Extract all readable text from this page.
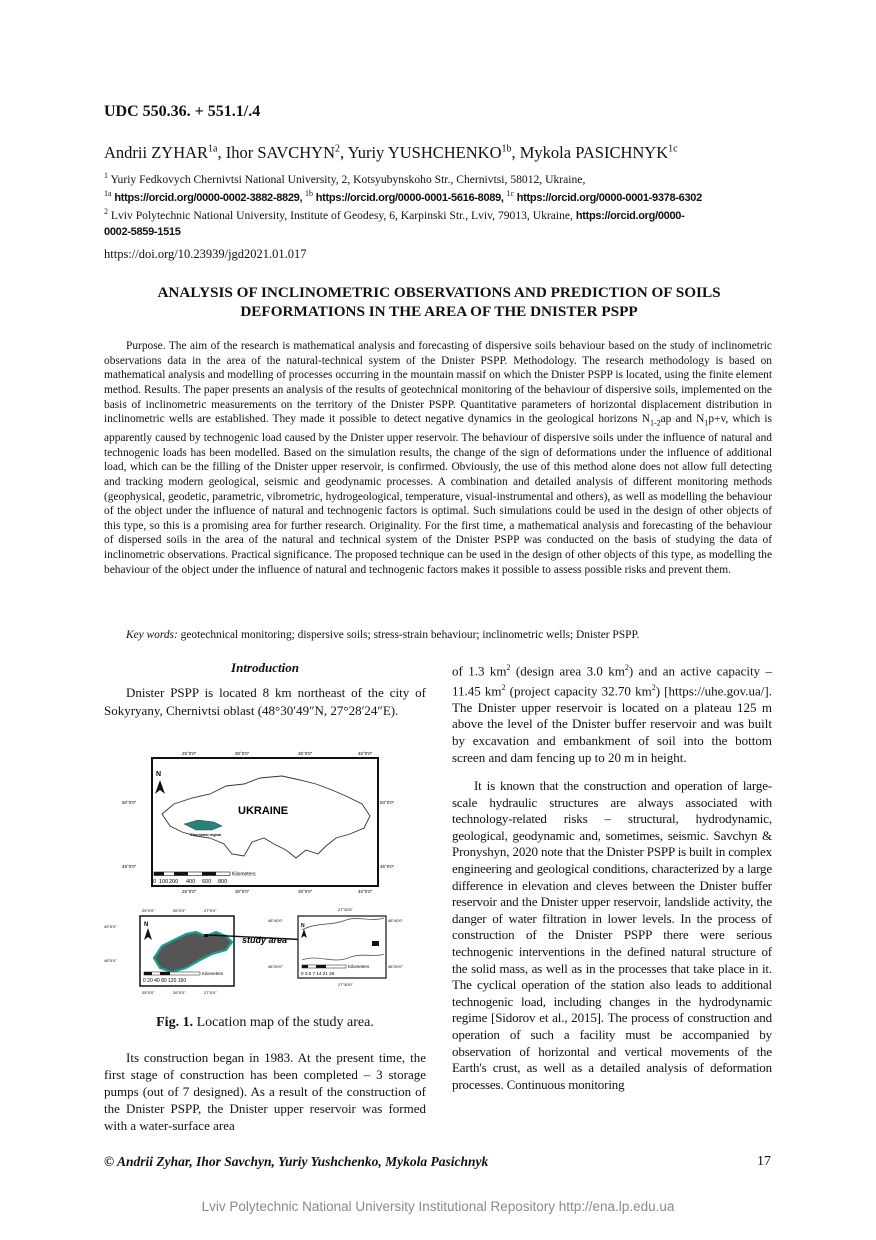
UDC 550.36. + 551.1/.4
Andrii $ZYHAR^{1a}$, Ihor SAVCHYN$^2$, Yuriy $YUSHCHENKO^{1b}$, Mykola $PASICHNYK^{1c}$
$^1$ Yuriy Fedkovych Chernivtsi National University, 2, Kotsyubynskoho Str., Chernivtsi, 58012, Ukraine,
$^{1a}$ https://orcid.org/0000-0002-3882-8829, $^{1b}$ https://orcid.org/0000-0001-5616-8089, $^{1c}$ https://orcid.org/0000-0001-9378-6302
$^2$ Lviv Polytechnic National University, Institute of Geodesy, 6, Karpinski Str., Lviv, 79013, Ukraine, https://orcid.org/0000-
0002-5859-1515
https://doi.org/10.23939/jgd2021.01.017
ANALYSIS OF INCLINOMETRIC OBSERVATIONS AND PREDICTION OF SOILS
DEFORMATIONS IN THE AREA OF THE DNISTER PSPP
Purpose. The aim of the research is mathematical analysis and forecasting of dispersive soils behaviour based on the study of inclinometric observations data in the area of the natural-technical system of the Dnister PSPP. Methodology. The research methodology is based on mathematical analysis and modelling of processes occurring in the mountain massif on which the Dnister PSPP is located, using the finite element method. Results. The paper presents an analysis of the results of geotechnical monitoring of the behaviour of dispersive soils, implemented on the basis of inclinometric measurements on the territory of the Dnister PSPP. Quantitative parameters of horizontal displacement distribution in inclinometric wells are established. They made it possible to detect negative dynamics in the geological horizons $N_{1-2}ap$ and $N_1p+v$, which is apparently caused by technogenic load caused by the Dnister upper reservoir. The behaviour of dispersive soils under the influence of natural and technogenic loads has been modelled. Based on the simulation results, the change of the sign of deformations under the influence of additional load, which can be the filling of the Dnister upper reservoir, is confirmed. Obviously, the use of this method alone does not allow full detecting and tracking modern geological, seismic and geodynamic processes. A combination and detailed analysis of different monitoring methods (geophysical, geodetic, parametric, vibrometric, hydrogeological, temperature, visual-instrumental and others), as well as modelling the behaviour of the object under the influence of natural and technogenic factors is optimal. Such simulations could be used in the design of other objects of this type, so this is a promising area for further research. Originality. For the first time, a mathematical analysis and forecasting of the behaviour of dispersed soils in the area of the natural and technical system of the Dnister PSPP was conducted on the basis of studying the data of inclinometric observations. Practical significance. The proposed technique can be used in the design of other objects of this type, as modelling the behaviour of the object under the influence of natural and technogenic factors makes it possible to assess possible risks and prevent them.
Key words: geotechnical monitoring; dispersive soils; stress-strain behaviour; inclinometric wells; Dnister PSPP.
Introduction
Dnister PSPP is located 8 km northeast of the city of Sokyryany, Chernivtsi oblast (48°30′49″N, 27°28′24″E).
25°0'0"	30°0'0"	35°0'0"	40°0'0"
25°0'0"	30°0'0"	35°0'0"	40°0'0"
50°0'0"
45°0'0"
50°0'0"
45°0'0"
Chernivtsi region
UKRAINE
N
Kilometers
0 100 200 400 600 800
25°0'0"	26°0'0"	27°0'0"
25°0'0"	26°0'0"	27°0'0"
49°0'0"
48°0'0"
N
Kilometers
0 20 40 80 120 160
study area
27°30'0"
27°30'0"
48°40'0"
48°20'0"
48°40'0"
48°20'0"
N
Kilometers
0 3.5 7 14 21 28
Fig. 1. Location map of the study area.
Its construction began in 1983. At the present time, the first stage of construction has been completed – 3 storage pumps (out of 7 designed). As a result of the construction of the Dnister PSPP, the Dnister upper reservoir was formed with a water-surface area
of 1.3 $km^2$ (design area 3.0 $km^2$) and an active capacity – 11.45 $km^2$ (project capacity 32.70 $km^2$) [https://uhe.gov.ua/]. The Dnister upper reservoir is located on a plateau 125 m above the level of the Dnister buffer reservoir and was built by excavation and embankment of soil into the bottom screen and dam fencing up to 20 m in height.
It is known that the construction and operation of large-scale hydraulic structures are always associated with technology-related risks – structural, hydrodynamic, geological, geodynamic and, sometimes, seismic. Savchyn & Pronyshyn, 2020 note that the Dnister PSPP is built in complex engineering and geological conditions, characterized by a large difference in elevation and cleves between the Dnister buffer reservoir and the Dnister upper reservoir, landslide activity, the danger of water filtration in lower levels. In the process of construction of the Dnister PSPP there were serious technogenic interventions in the defined natural structure of the solid mass, as well as in the processes that take place in it. The cyclical operation of the station also leads to additional technogenic load, including changes in the hydrodynamic regime [Sidorov et al., 2015]. The process of construction and operation of such a facility must be accompanied by observation of horizontal and vertical movements of the Earth's crust, as well as a detailed analysis of deformation processes. Continuous monitoring
© Andrii Zyhar, Ihor Savchyn, Yuriy Yushchenko, Mykola Pasichnyk	17
Lviv Polytechnic National University Institutional Repository http://ena.lp.edu.ua
